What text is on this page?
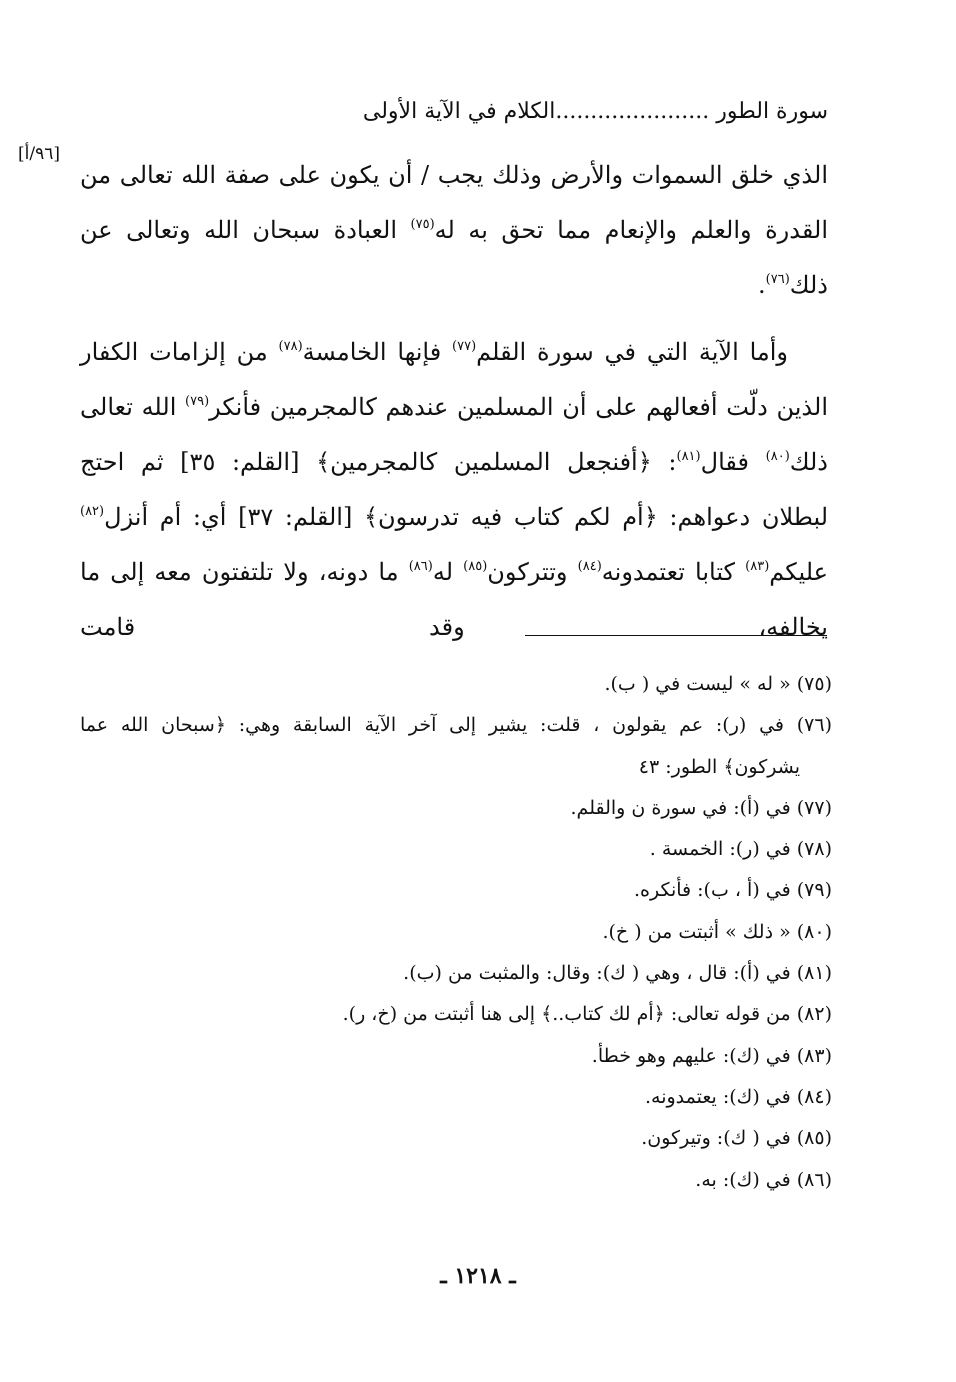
سورة الطور ......................الكلام في الآية الأولى
[٩٦/أ]

الذي خلق السموات والأرض وذلك يجب / أن يكون على صفة الله تعالى من القدرة والعلم والإنعام مما تحق به له$^{(٧٥)}$ العبادة سبحان الله وتعالى عن ذلك$^{(٧٦)}$.

وأما الآية التي في سورة القلم$^{(٧٧)}$ فإنها الخامسة$^{(٧٨)}$ من إلزامات الكفار الذين دلّت أفعالهم على أن المسلمين عندهم كالمجرمين فأنكر$^{(٧٩)}$ الله تعالى ذلك$^{(٨٠)}$ فقال$^{(٨١)}$: ﴿أفنجعل المسلمين كالمجرمين﴾ [القلم: ٣٥] ثم احتج لبطلان دعواهم: ﴿أم لكم كتاب فيه تدرسون﴾ [القلم: ٣٧] أي: أم أنزل$^{(٨٢)}$ عليكم$^{(٨٣)}$ كتابا تعتمدونه$^{(٨٤)}$ وتتركون$^{(٨٥)}$ له$^{(٨٦)}$ ما دونه، ولا تلتفتون معه إلى ما يخالفه، وقد قامت

(٧٥) « له » ليست في ( ب).
(٧٦) في (ر): عم يقولون ، قلت: يشير إلى آخر الآية السابقة وهي: ﴿سبحان الله عما
يشركون﴾ الطور: ٤٣
(٧٧) في (أ): في سورة ن والقلم.
(٧٨) في (ر): الخمسة .
(٧٩) في (أ ، ب): فأنكره.
(٨٠) « ذلك » أثبتت من ( خ).
(٨١) في (أ): قال ، وهي ( ك): وقال: والمثبت من (ب).
(٨٢) من قوله تعالى: ﴿أم لك كتاب..﴾ إلى هنا أثبتت من (خ، ر).
(٨٣) في (ك): عليهم وهو خطأ.
(٨٤) في (ك): يعتمدونه.
(٨٥) في ( ك): وتيركون.
(٨٦) في (ك): به.
ـ ١٢١٨ ـ
